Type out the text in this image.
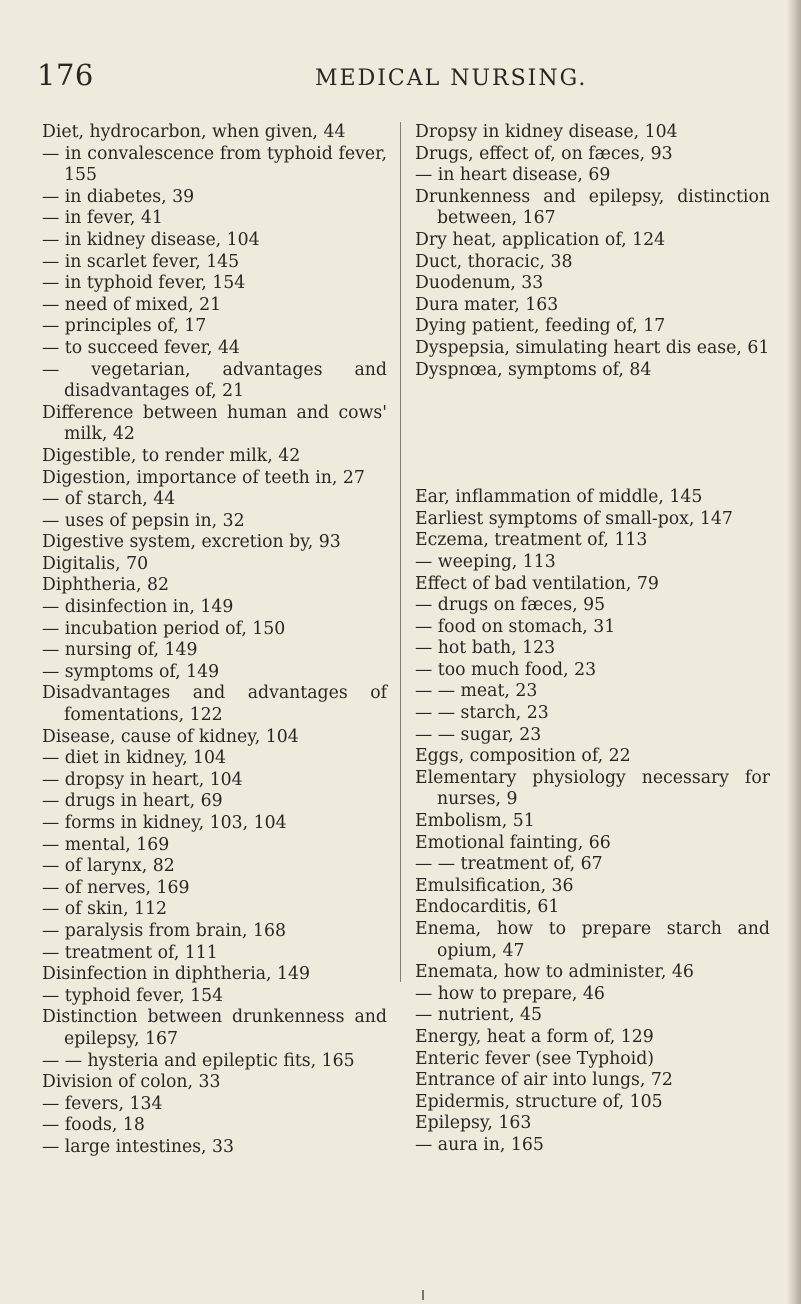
176	MEDICAL NURSING.
Diet, hydrocarbon, when given, 44
— in convalescence from typhoid fever, 155
— in diabetes, 39
— in fever, 41
— in kidney disease, 104
— in scarlet fever, 145
— in typhoid fever, 154
— need of mixed, 21
— principles of, 17
— to succeed fever, 44
— vegetarian, advantages and disadvantages of, 21
Difference between human and cows' milk, 42
Digestible, to render milk, 42
Digestion, importance of teeth in, 27
— of starch, 44
— uses of pepsin in, 32
Digestive system, excretion by, 93
Digitalis, 70
Diphtheria, 82
— disinfection in, 149
— incubation period of, 150
— nursing of, 149
— symptoms of, 149
Disadvantages and advantages of fomentations, 122
Disease, cause of kidney, 104
— diet in kidney, 104
— dropsy in heart, 104
— drugs in heart, 69
— forms in kidney, 103, 104
— mental, 169
— of larynx, 82
— of nerves, 169
— of skin, 112
— paralysis from brain, 168
— treatment of, 111
Disinfection in diphtheria, 149
— typhoid fever, 154
Distinction between drunkenness and epilepsy, 167
— — hysteria and epileptic fits, 165
Division of colon, 33
— fevers, 134
— foods, 18
— large intestines, 33
Dropsy in kidney disease, 104
Drugs, effect of, on fæces, 93
— in heart disease, 69
Drunkenness and epilepsy, distinction between, 167
Dry heat, application of, 124
Duct, thoracic, 38
Duodenum, 33
Dura mater, 163
Dying patient, feeding of, 17
Dyspepsia, simulating heart dis ease, 61
Dyspnœa, symptoms of, 84
Ear, inflammation of middle, 145
Earliest symptoms of small-pox, 147
Eczema, treatment of, 113
— weeping, 113
Effect of bad ventilation, 79
— drugs on fæces, 95
— food on stomach, 31
— hot bath, 123
— too much food, 23
— — meat, 23
— — starch, 23
— — sugar, 23
Eggs, composition of, 22
Elementary physiology necessary for nurses, 9
Embolism, 51
Emotional fainting, 66
— — treatment of, 67
Emulsification, 36
Endocarditis, 61
Enema, how to prepare starch and opium, 47
Enemata, how to administer, 46
— how to prepare, 46
— nutrient, 45
Energy, heat a form of, 129
Enteric fever (see Typhoid)
Entrance of air into lungs, 72
Epidermis, structure of, 105
Epilepsy, 163
— aura in, 165
